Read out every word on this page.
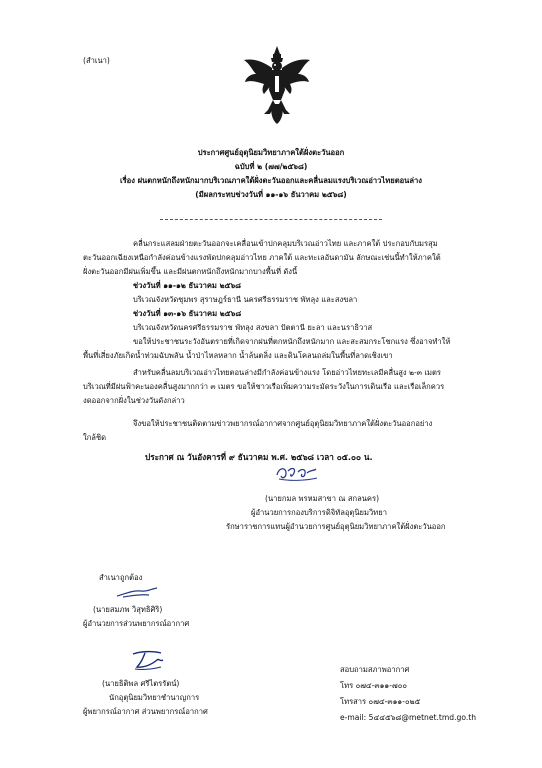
(สำเนา)
ประกาศศูนย์อุตุนิยมวิทยาภาคใต้ฝั่งตะวันออก
ฉบับที่ ๒ (๗๗/๒๕๖๘)
เรื่อง ฝนตกหนักถึงหนักมากบริเวณภาคใต้ฝั่งตะวันออกและคลื่นลมแรงบริเวณอ่าวไทยตอนล่าง
(มีผลกระทบช่วงวันที่ ๑๑-๑๖ ธันวาคม ๒๕๖๘)
คลื่นกระแสลมฝ่ายตะวันออกจะเคลื่อนเข้าปกคลุมบริเวณอ่าวไทย และภาคใต้ ประกอบกับมรสุม
ตะวันออกเฉียงเหนือกำลังค่อนข้างแรงพัดปกคลุมอ่าวไทย ภาคใต้ และทะเลอันดามัน ลักษณะเช่นนี้ทำให้ภาคใต้
ฝั่งตะวันออกมีฝนเพิ่มขึ้น และมีฝนตกหนักถึงหนักมากบางพื้นที่ ดังนี้
ช่วงวันที่ ๑๑-๑๒ ธันวาคม ๒๕๖๘
บริเวณจังหวัดชุมพร สุราษฎร์ธานี นครศรีธรรมราช พัทลุง และสงขลา
ช่วงวันที่ ๑๓-๑๖ ธันวาคม ๒๕๖๘
บริเวณจังหวัดนครศรีธรรมราช พัทลุง สงขลา ปัตตานี ยะลา และนราธิวาส
ขอให้ประชาชนระวังอันตรายที่เกิดจากฝนที่ตกหนักถึงหนักมาก และสะสมกระโชกแรง ซึ่งอาจทำให้
พื้นที่เสี่ยงภัยเกิดน้ำท่วมฉับพลัน น้ำป่าไหลหลาก น้ำล้นตลิ่ง และดินโคลนถล่มในพื้นที่ลาดเชิงเขา
สำหรับคลื่นลมบริเวณอ่าวไทยตอนล่างมีกำลังค่อนข้างแรง โดยอ่าวไทยทะเลมีคลื่นสูง ๒-๓ เมตร
บริเวณที่มีฝนฟ้าคะนองคลื่นสูงมากกว่า ๓ เมตร ขอให้ชาวเรือเพิ่มความระมัดระวังในการเดินเรือ และเรือเล็กควร
งดออกจากฝั่งในช่วงวันดังกล่าว
จึงขอให้ประชาชนติดตามข่าวพยากรณ์อากาศจากศูนย์อุตุนิยมวิทยาภาคใต้ฝั่งตะวันออกอย่าง
ใกล้ชิด
ประกาศ ณ วันอังคารที่ ๙ ธันวาคม พ.ศ. ๒๕๖๘ เวลา ๐๕.๐๐ น.
(นายกมล พรหมสาขา ณ สกลนคร)
ผู้อำนวยการกองบริการดิจิทัลอุตุนิยมวิทยา
รักษาราชการแทนผู้อำนวยการศูนย์อุตุนิยมวิทยาภาคใต้ฝั่งตะวันออก
สำเนาถูกต้อง
(นายสมภพ วิสุทธิศิริ)
ผู้อำนวยการส่วนพยากรณ์อากาศ
(นายธิติพล ศรีไตรรัตน์)
นักอุตุนิยมวิทยาชำนาญการ
ผู้พยากรณ์อากาศ ส่วนพยากรณ์อากาศ
สอบถามสภาพอากาศ
โทร ๐๗๔-๓๑๑-๗๐๐
โทรสาร ๐๗๔-๓๑๑-๐๒๕
e-mail: 5๔๔๕๖๘@metnet.tmd.go.th
